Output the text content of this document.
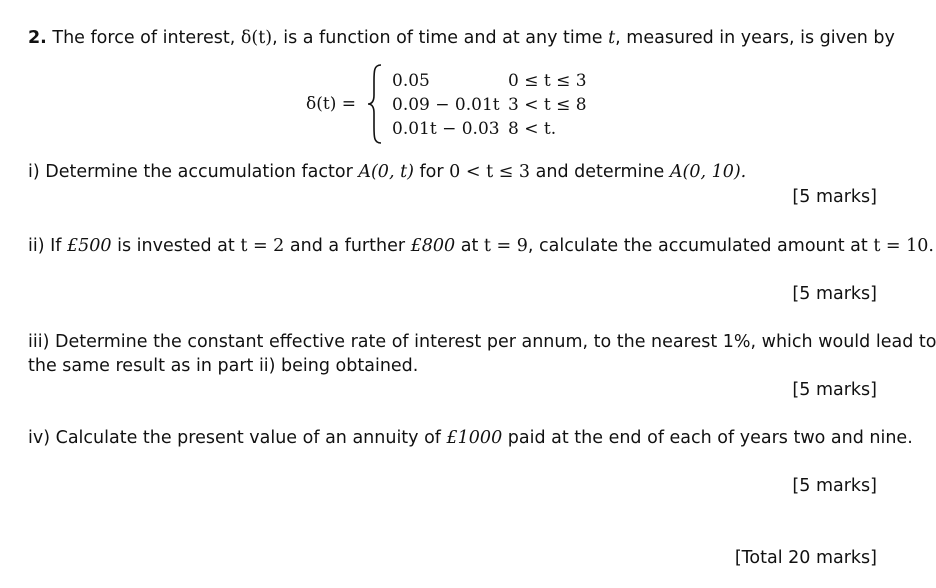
2. The force of interest, δ(t), is a function of time and at any time t, measured in years, is given by
δ(t) =
0.05	0 ≤ t ≤ 3
0.09 − 0.01t 3 < t ≤ 8
0.01t − 0.03 8 < t.
i) Determine the accumulation factor A(0, t) for 0 < t ≤ 3 and determine A(0, 10).
[5 marks]
ii) If £500 is invested at t = 2 and a further £800 at t = 9, calculate the accumulated amount at t = 10.
[5 marks]
iii) Determine the constant effective rate of interest per annum, to the nearest 1%, which would lead to
the same result as in part ii) being obtained.
[5 marks]
iv) Calculate the present value of an annuity of £1000 paid at the end of each of years two and nine.
[5 marks]
[Total 20 marks]
